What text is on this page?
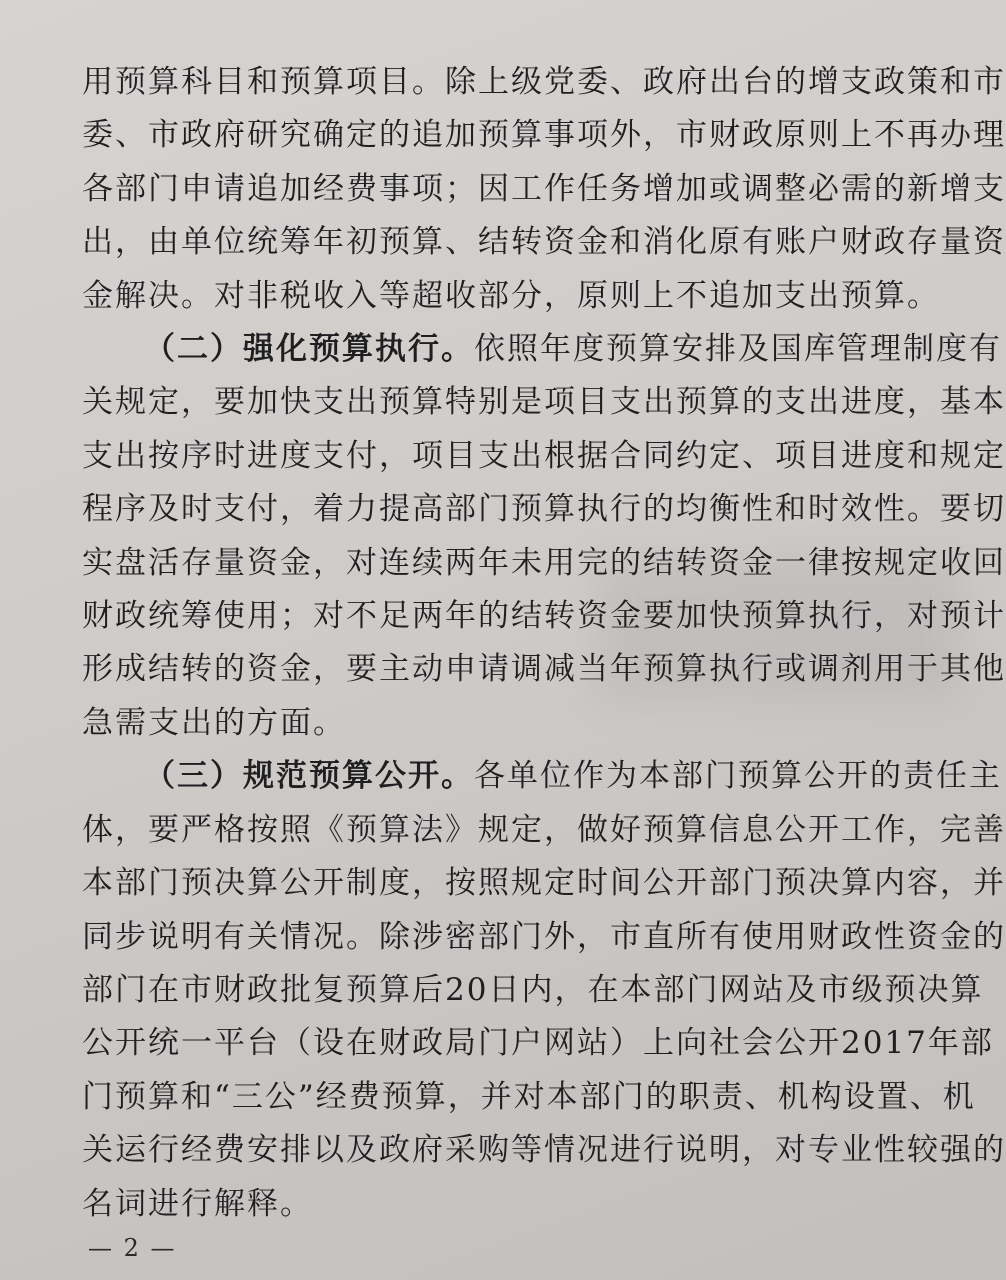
用预算科目和预算项目。除上级党委、政府出台的增支政策和市
委、市政府研究确定的追加预算事项外，市财政原则上不再办理
各部门申请追加经费事项；因工作任务增加或调整必需的新增支
出，由单位统筹年初预算、结转资金和消化原有账户财政存量资
金解决。对非税收入等超收部分，原则上不追加支出预算。
（二）强化预算执行。依照年度预算安排及国库管理制度有
关规定，要加快支出预算特别是项目支出预算的支出进度，基本
支出按序时进度支付，项目支出根据合同约定、项目进度和规定
程序及时支付，着力提高部门预算执行的均衡性和时效性。要切
实盘活存量资金，对连续两年未用完的结转资金一律按规定收回
财政统筹使用；对不足两年的结转资金要加快预算执行，对预计
形成结转的资金，要主动申请调减当年预算执行或调剂用于其他
急需支出的方面。
（三）规范预算公开。各单位作为本部门预算公开的责任主
体，要严格按照《预算法》规定，做好预算信息公开工作，完善
本部门预决算公开制度，按照规定时间公开部门预决算内容，并
同步说明有关情况。除涉密部门外，市直所有使用财政性资金的
部门在市财政批复预算后20日内，在本部门网站及市级预决算
公开统一平台（设在财政局门户网站）上向社会公开2017年部
门预算和“三公”经费预算，并对本部门的职责、机构设置、机
关运行经费安排以及政府采购等情况进行说明，对专业性较强的
名词进行解释。
— 2 —
